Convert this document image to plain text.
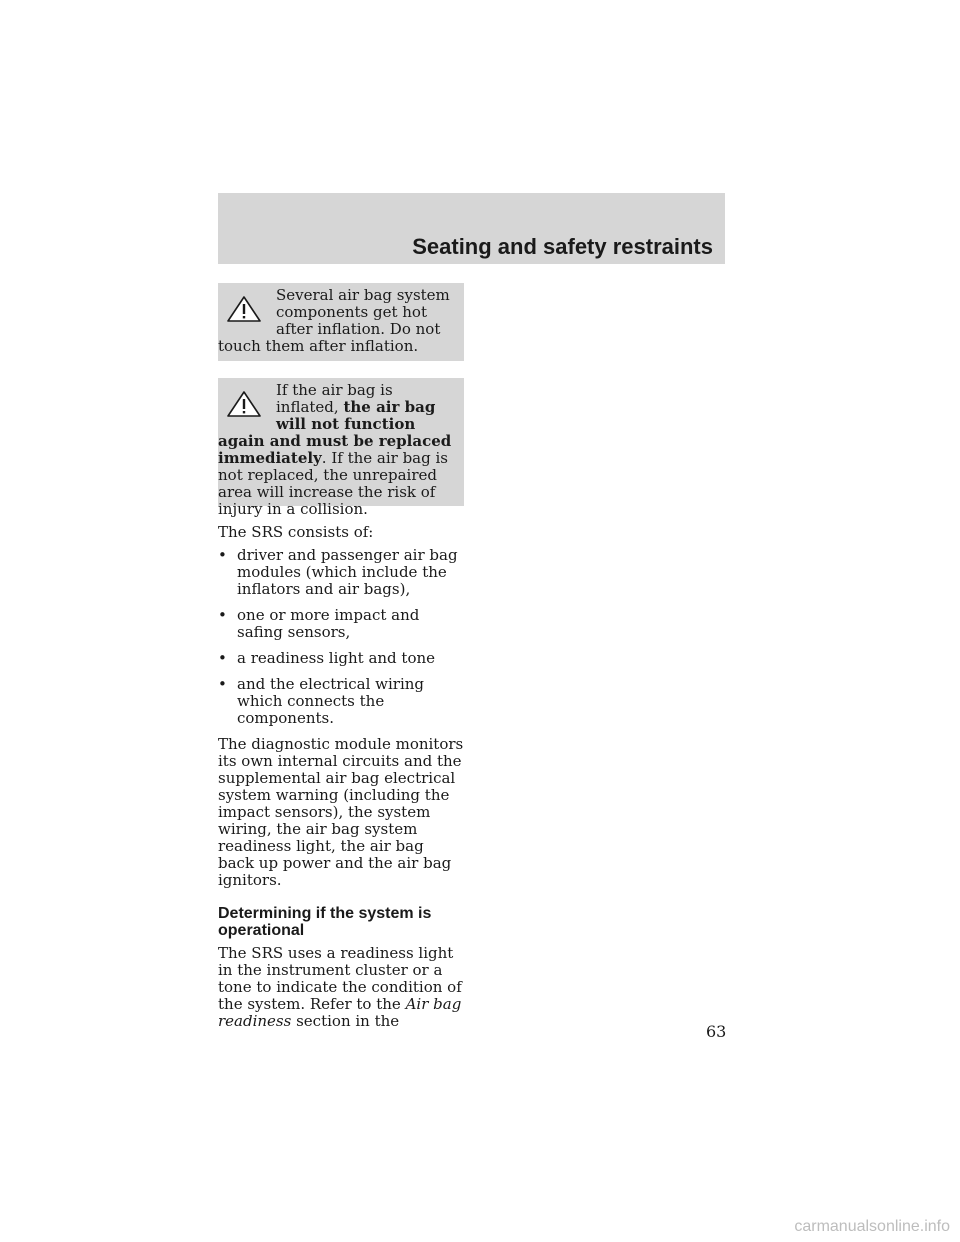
Seating and safety restraints

Several air bag system components get hot after inflation. Do not touch them after inflation.

If the air bag is inflated, the air bag will not function again and must be replaced immediately. If the air bag is not replaced, the unrepaired area will increase the risk of injury in a collision.

The SRS consists of:

• driver and passenger air bag modules (which include the inflators and air bags),
• one or more impact and safing sensors,
• a readiness light and tone
• and the electrical wiring which connects the components.

The diagnostic module monitors its own internal circuits and the supplemental air bag electrical system warning (including the impact sensors), the system wiring, the air bag system readiness light, the air bag back up power and the air bag ignitors.

Determining if the system is operational

The SRS uses a readiness light in the instrument cluster or a tone to indicate the condition of the system. Refer to the Air bag readiness section in the

63
carmanualsonline.info
